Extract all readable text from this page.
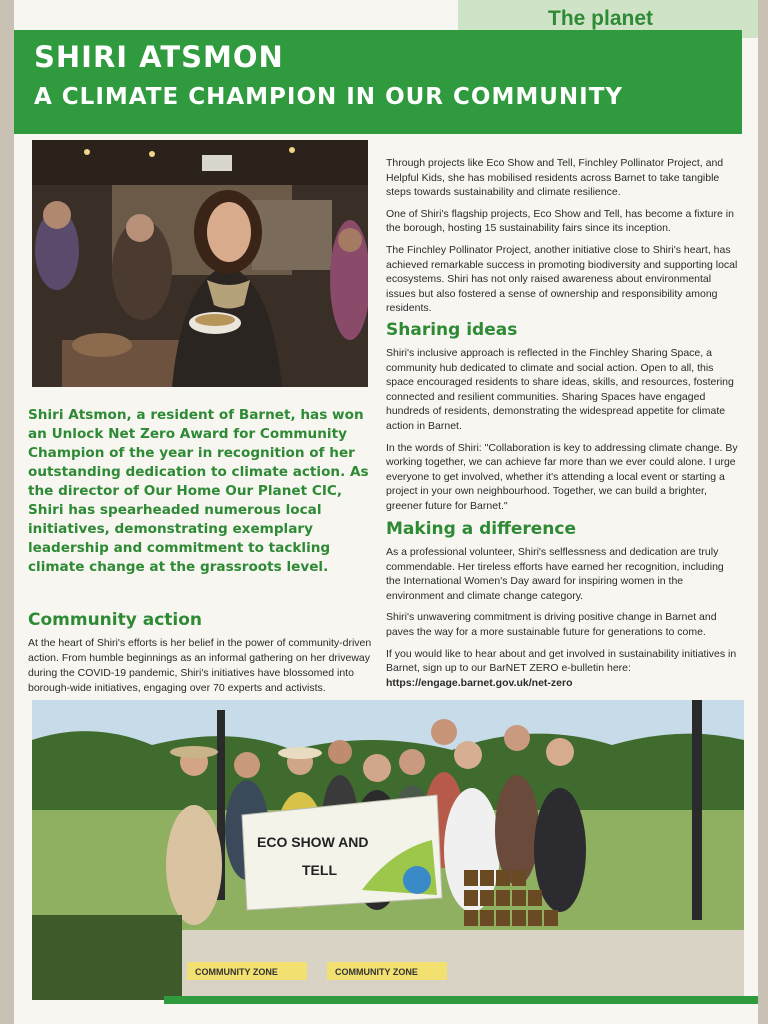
The planet
SHIRI ATSMON
A CLIMATE CHAMPION IN OUR COMMUNITY
Shiri Atsmon, a resident of Barnet, has won an Unlock Net Zero Award for Community Champion of the year in recognition of her outstanding dedication to climate action. As the director of Our Home Our Planet CIC, Shiri has spearheaded numerous local initiatives, demonstrating exemplary leadership and commitment to tackling climate change at the grassroots level.
Community action
At the heart of Shiri's efforts is her belief in the power of community-driven action. From humble beginnings as an informal gathering on her driveway during the COVID-19 pandemic, Shiri's initiatives have blossomed into borough-wide initiatives, engaging over 70 experts and activists.

Through projects like Eco Show and Tell, Finchley Pollinator Project, and Helpful Kids, she has mobilised residents across Barnet to take tangible steps towards sustainability and climate resilience.

One of Shiri's flagship projects, Eco Show and Tell, has become a fixture in the borough, hosting 15 sustainability fairs since its inception.

The Finchley Pollinator Project, another initiative close to Shiri's heart, has achieved remarkable success in promoting biodiversity and supporting local ecosystems. Shiri has not only raised awareness about environmental issues but also fostered a sense of ownership and responsibility among residents.

Sharing ideas

Shiri's inclusive approach is reflected in the Finchley Sharing Space, a community hub dedicated to climate and social action. Open to all, this space encouraged residents to share ideas, skills, and resources, fostering connected and resilient communities. Sharing Spaces have engaged hundreds of residents, demonstrating the widespread appetite for climate action in Barnet.

In the words of Shiri: "Collaboration is key to addressing climate change. By working together, we can achieve far more than we ever could alone. I urge everyone to get involved, whether it's attending a local event or starting a project in your own neighbourhood. Together, we can build a brighter, greener future for Barnet."

Making a difference

As a professional volunteer, Shiri's selflessness and dedication are truly commendable. Her tireless efforts have earned her recognition, including the International Women's Day award for inspiring women in the environment and climate change category.

Shiri's unwavering commitment is driving positive change in Barnet and paves the way for a more sustainable future for generations to come.

If you would like to hear about and get involved in sustainability initiatives in Barnet, sign up to our BarNET ZERO e-bulletin here:

https://engage.barnet.gov.uk/net-zero
ECO SHOW AND
TELL
COMMUNITY ZONE	COMMUNITY ZONE
